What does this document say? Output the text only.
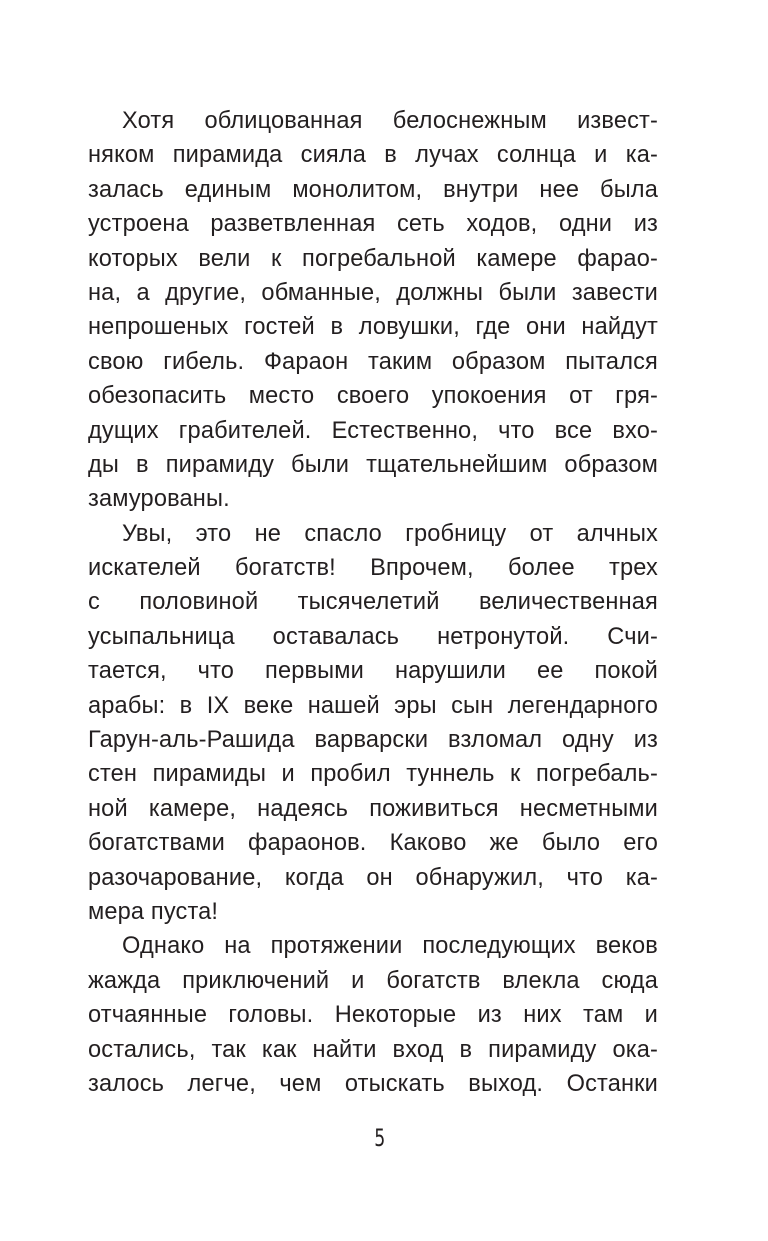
Хотя облицованная белоснежным извест-
няком пирамида сияла в лучах солнца и ка-
залась единым монолитом, внутри нее была
устроена разветвленная сеть ходов, одни из
которых вели к погребальной камере фарао-
на, а другие, обманные, должны были завести
непрошеных гостей в ловушки, где они найдут
свою гибель. Фараон таким образом пытался
обезопасить место своего упокоения от гря-
дущих грабителей. Естественно, что все вхо-
ды в пирамиду были тщательнейшим образом
замурованы.
Увы, это не спасло гробницу от алчных
искателей богатств! Впрочем, более трех
с половиной тысячелетий величественная
усыпальница оставалась нетронутой. Счи-
тается, что первыми нарушили ее покой
арабы: в IX веке нашей эры сын легендарного
Гарун-аль-Рашида варварски взломал одну из
стен пирамиды и пробил туннель к погребаль-
ной камере, надеясь поживиться несметными
богатствами фараонов. Каково же было его
разочарование, когда он обнаружил, что ка-
мера пуста!
Однако на протяжении последующих веков
жажда приключений и богатств влекла сюда
отчаянные головы. Некоторые из них там и
остались, так как найти вход в пирамиду ока-
залось легче, чем отыскать выход. Останки
5
